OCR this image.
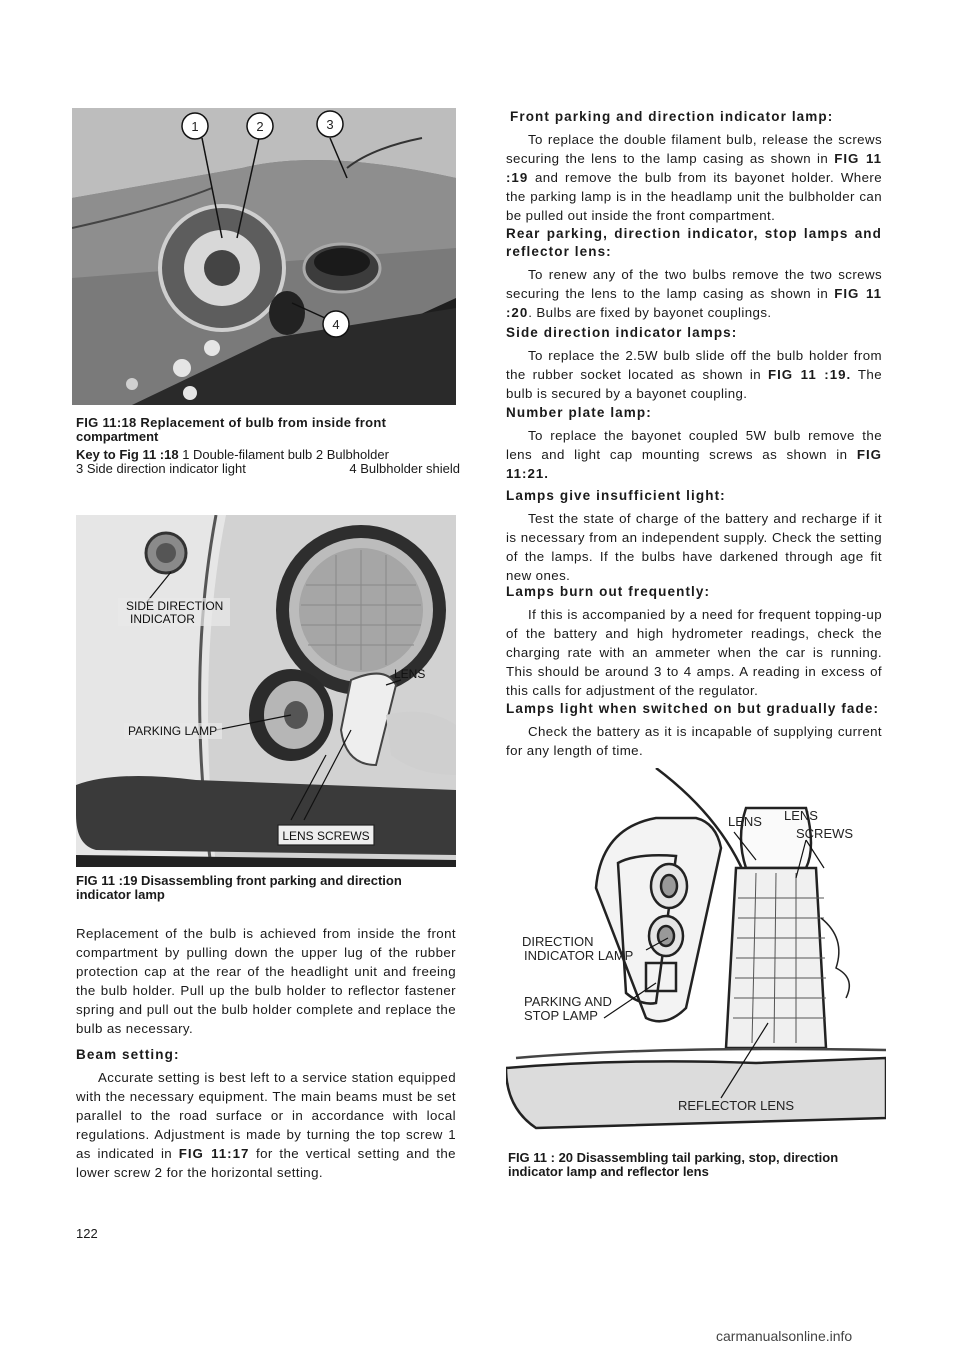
1	2	3
4
FIG 11:18 Replacement of bulb from inside front
compartment
Key to Fig 11 :18 1 Double-filament bulb 2 Bulbholder
3 Side direction indicator light	4 Bulbholder shield
SIDE DIRECTION
INDICATOR
LENS
PARKING LAMP
LENS SCREWS
FIG 11 :19 Disassembling front parking and direction
indicator lamp
Replacement of the bulb is achieved from inside the front compartment by pulling down the upper lug of the rubber protection cap at the rear of the headlight unit and freeing the bulb holder. Pull up the bulb holder to reflector fastener spring and pull out the bulb holder complete and replace the bulb as necessary.
Beam setting:

Accurate setting is best left to a service station equipped with the necessary equipment. The main beams must be set parallel to the road surface or in accordance with local regulations. Adjustment is made by turning the top screw 1 as indicated in FIG 11:17 for the vertical setting and the lower screw 2 for the horizontal setting.

Front parking and direction indicator lamp:

To replace the double filament bulb, release the screws securing the lens to the lamp casing as shown in FIG 11 :19 and remove the bulb from its bayonet holder. Where the parking lamp is in the headlamp unit the bulbholder can be pulled out inside the front compartment.

Rear parking, direction indicator, stop lamps and reflector lens:

To renew any of the two bulbs remove the two screws securing the lens to the lamp casing as shown in FIG 11 :20. Bulbs are fixed by bayonet couplings.

Side direction indicator lamps:

To replace the 2.5W bulb slide off the bulb holder from the rubber socket located as shown in FIG 11 :19. The bulb is secured by a bayonet coupling.

Number plate lamp:

To replace the bayonet coupled 5W bulb remove the lens and light cap mounting screws as shown in FIG 11:21.

Lamps give insufficient light:

Test the state of charge of the battery and recharge if it is necessary from an independent supply. Check the setting of the lamps. If the bulbs have darkened through age fit new ones.

Lamps burn out frequently:

If this is accompanied by a need for frequent topping-up of the battery and high hydrometer readings, check the charging rate with an ammeter when the car is running. This should be around 3 to 4 amps. A reading in excess of this calls for adjustment of the regulator.

Lamps light when switched on but gradually fade:

Check the battery as it is incapable of supplying current for any length of time.

LENS LENS
SCREWS
DIRECTION
INDICATOR LAMP
PARKING AND
STOP LAMP
REFLECTOR LENS
FIG 11 : 20 Disassembling tail parking, stop, direction
indicator lamp and reflector lens
122
carmanualsonline.info
